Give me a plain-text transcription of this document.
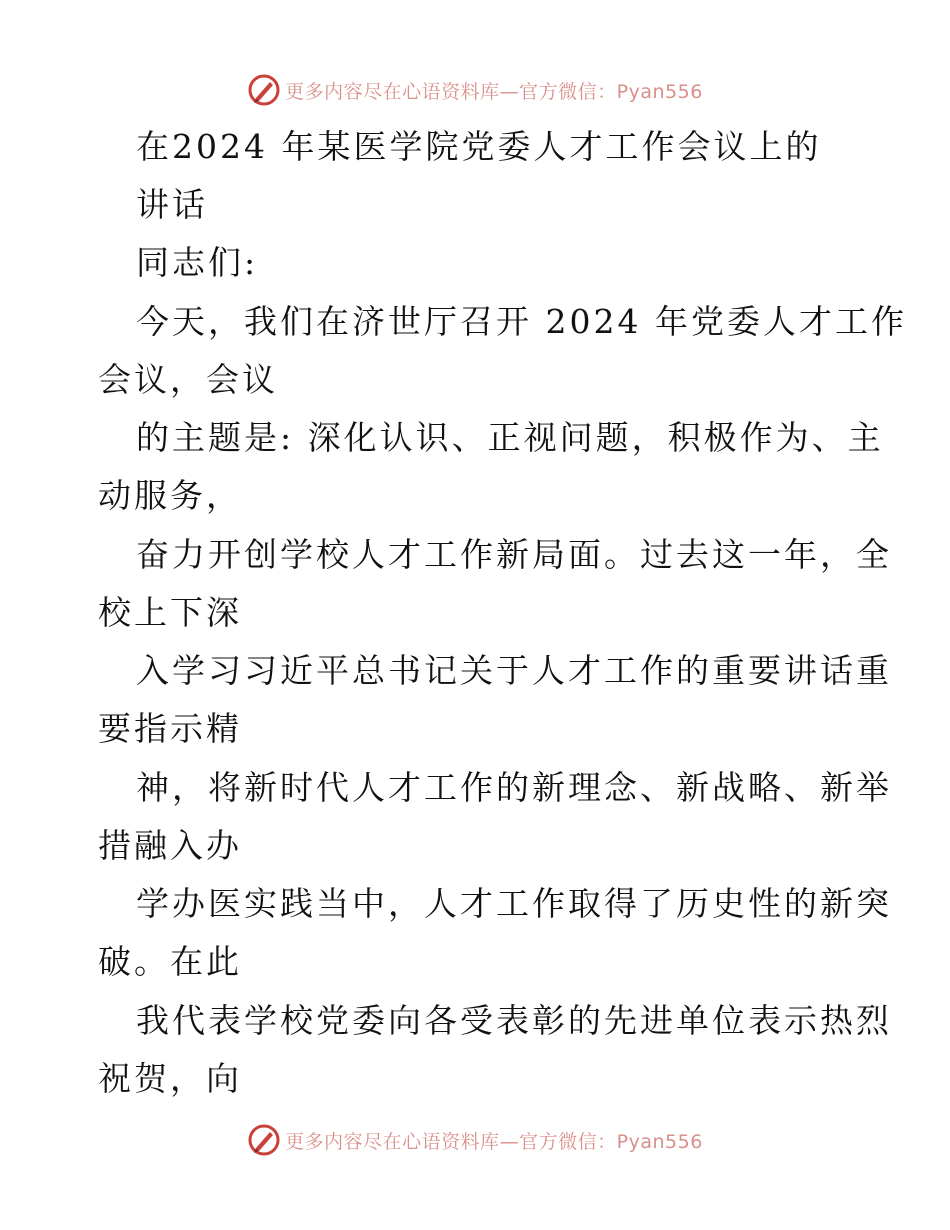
更多内容尽在心语资料库—官方微信：Pyan556
在2024 年某医学院党委人才工作会议上的
讲话
同志们:
今天，我们在济世厅召开 2024 年党委人才工作
会议，会议
的主题是: 深化认识、正视问题，积极作为、主
动服务，
奋力开创学校人才工作新局面。过去这一年，全
校上下深
入学习习近平总书记关于人才工作的重要讲话重
要指示精
神，将新时代人才工作的新理念、新战略、新举
措融入办
学办医实践当中，人才工作取得了历史性的新突
破。在此
我代表学校党委向各受表彰的先进单位表示热烈
祝贺，向
更多内容尽在心语资料库—官方微信：Pyan556
